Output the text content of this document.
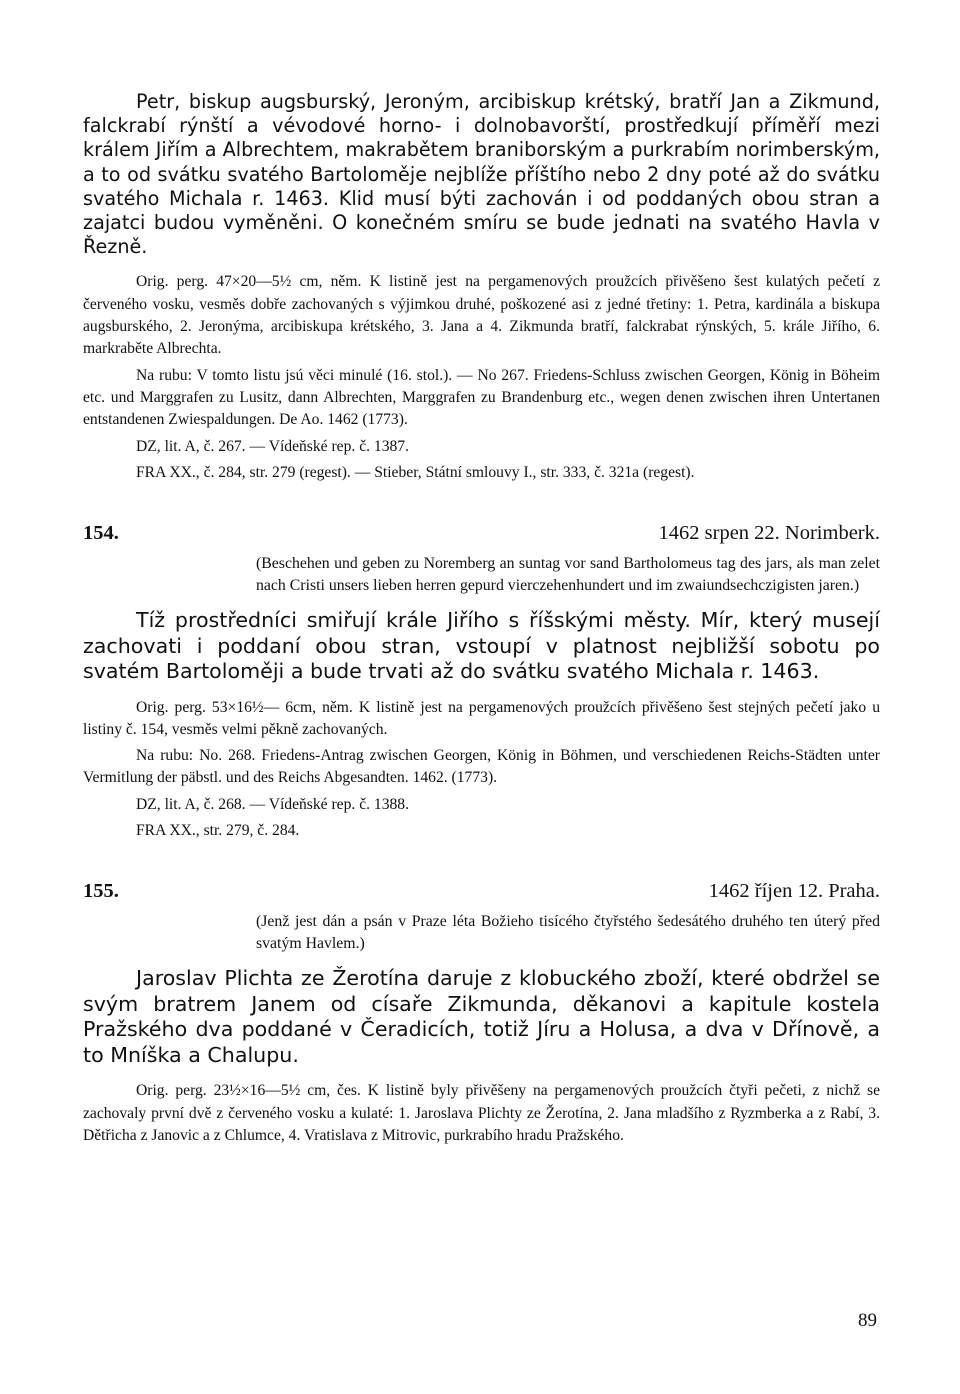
Petr, biskup augsburský, Jeroným, arcibiskup krétský, bratří Jan a Zikmund, falckrabí rýnští a vévodové horno- i dolnobavorští, prostředkují příměří mezi králem Jiřím a Albrechtem, makrabětem braniborským a purkrabím norimberským, a to od svátku svatého Bartoloměje nejblíže příštího nebo 2 dny poté až do svátku svatého Michala r. 1463. Klid musí býti zachován i od poddaných obou stran a zajatci budou vyměněni. O konečném smíru se bude jednati na svatého Havla v Řezně.

Orig. perg. 47×20—5½ cm, něm. K listině jest na pergamenových proužcích přivěšeno šest kulatých pečetí z červeného vosku, vesměs dobře zachovaných s výjimkou druhé, poškozené asi z jedné třetiny: 1. Petra, kardinála a biskupa augsburského, 2. Jeronýma, arcibiskupa krétského, 3. Jana a 4. Zikmunda bratří, falckrabat rýnských, 5. krále Jiřího, 6. markraběte Albrechta.

Na rubu: V tomto listu jsú věci minulé (16. stol.). — No 267. Friedens-Schluss zwischen Georgen, König in Böheim etc. und Marggrafen zu Lusitz, dann Albrechten, Marggrafen zu Brandenburg etc., wegen denen zwischen ihren Untertanen entstandenen Zwiespaldungen. De Ao. 1462 (1773).

DZ, lit. A, č. 267. — Vídeňské rep. č. 1387.

FRA XX., č. 284, str. 279 (regest). — Stieber, Státní smlouvy I., str. 333, č. 321a (regest).

154.	1462 srpen 22. Norimberk.

(Beschehen und geben zu Noremberg an suntag vor sand Bartholomeus tag des jars, als man zelet nach Cristi unsers lieben herren gepurd vierczehenhundert und im zwaiundsechczigisten jaren.)

Tíž prostředníci smiřují krále Jiřího s říšskými městy. Mír, který musejí zachovati i poddaní obou stran, vstoupí v platnost nejbližší sobotu po svatém Bartoloměji a bude trvati až do svátku svatého Michala r. 1463.

Orig. perg. 53×16½— 6cm, něm. K listině jest na pergamenových proužcích přivěšeno šest stejných pečetí jako u listiny č. 154, vesměs velmi pěkně zachovaných.

Na rubu: No. 268. Friedens-Antrag zwischen Georgen, König in Böhmen, und verschiedenen Reichs-Städten unter Vermitlung der päbstl. und des Reichs Abgesandten. 1462. (1773).

DZ, lit. A, č. 268. — Vídeňské rep. č. 1388.

FRA XX., str. 279, č. 284.

155.	1462 říjen 12. Praha.

(Jenž jest dán a psán v Praze léta Božieho tisícého čtyřstého šedesátého druhého ten úterý před svatým Havlem.)

Jaroslav Plichta ze Žerotína daruje z klobuckého zboží, které obdržel se svým bratrem Janem od císaře Zikmunda, děkanovi a kapitule kostela Pražského dva poddané v Čeradicích, totiž Jíru a Holusa, a dva v Dřínově, a to Mníška a Chalupu.

Orig. perg. 23½×16—5½ cm, čes. K listině byly přivěšeny na pergamenových proužcích čtyři pečeti, z nichž se zachovaly první dvě z červeného vosku a kulaté: 1. Jaroslava Plichty ze Žerotína, 2. Jana mladšího z Ryzmberka a z Rabí, 3. Dětřicha z Janovic a z Chlumce, 4. Vratislava z Mitrovic, purkrabího hradu Pražského.

89
